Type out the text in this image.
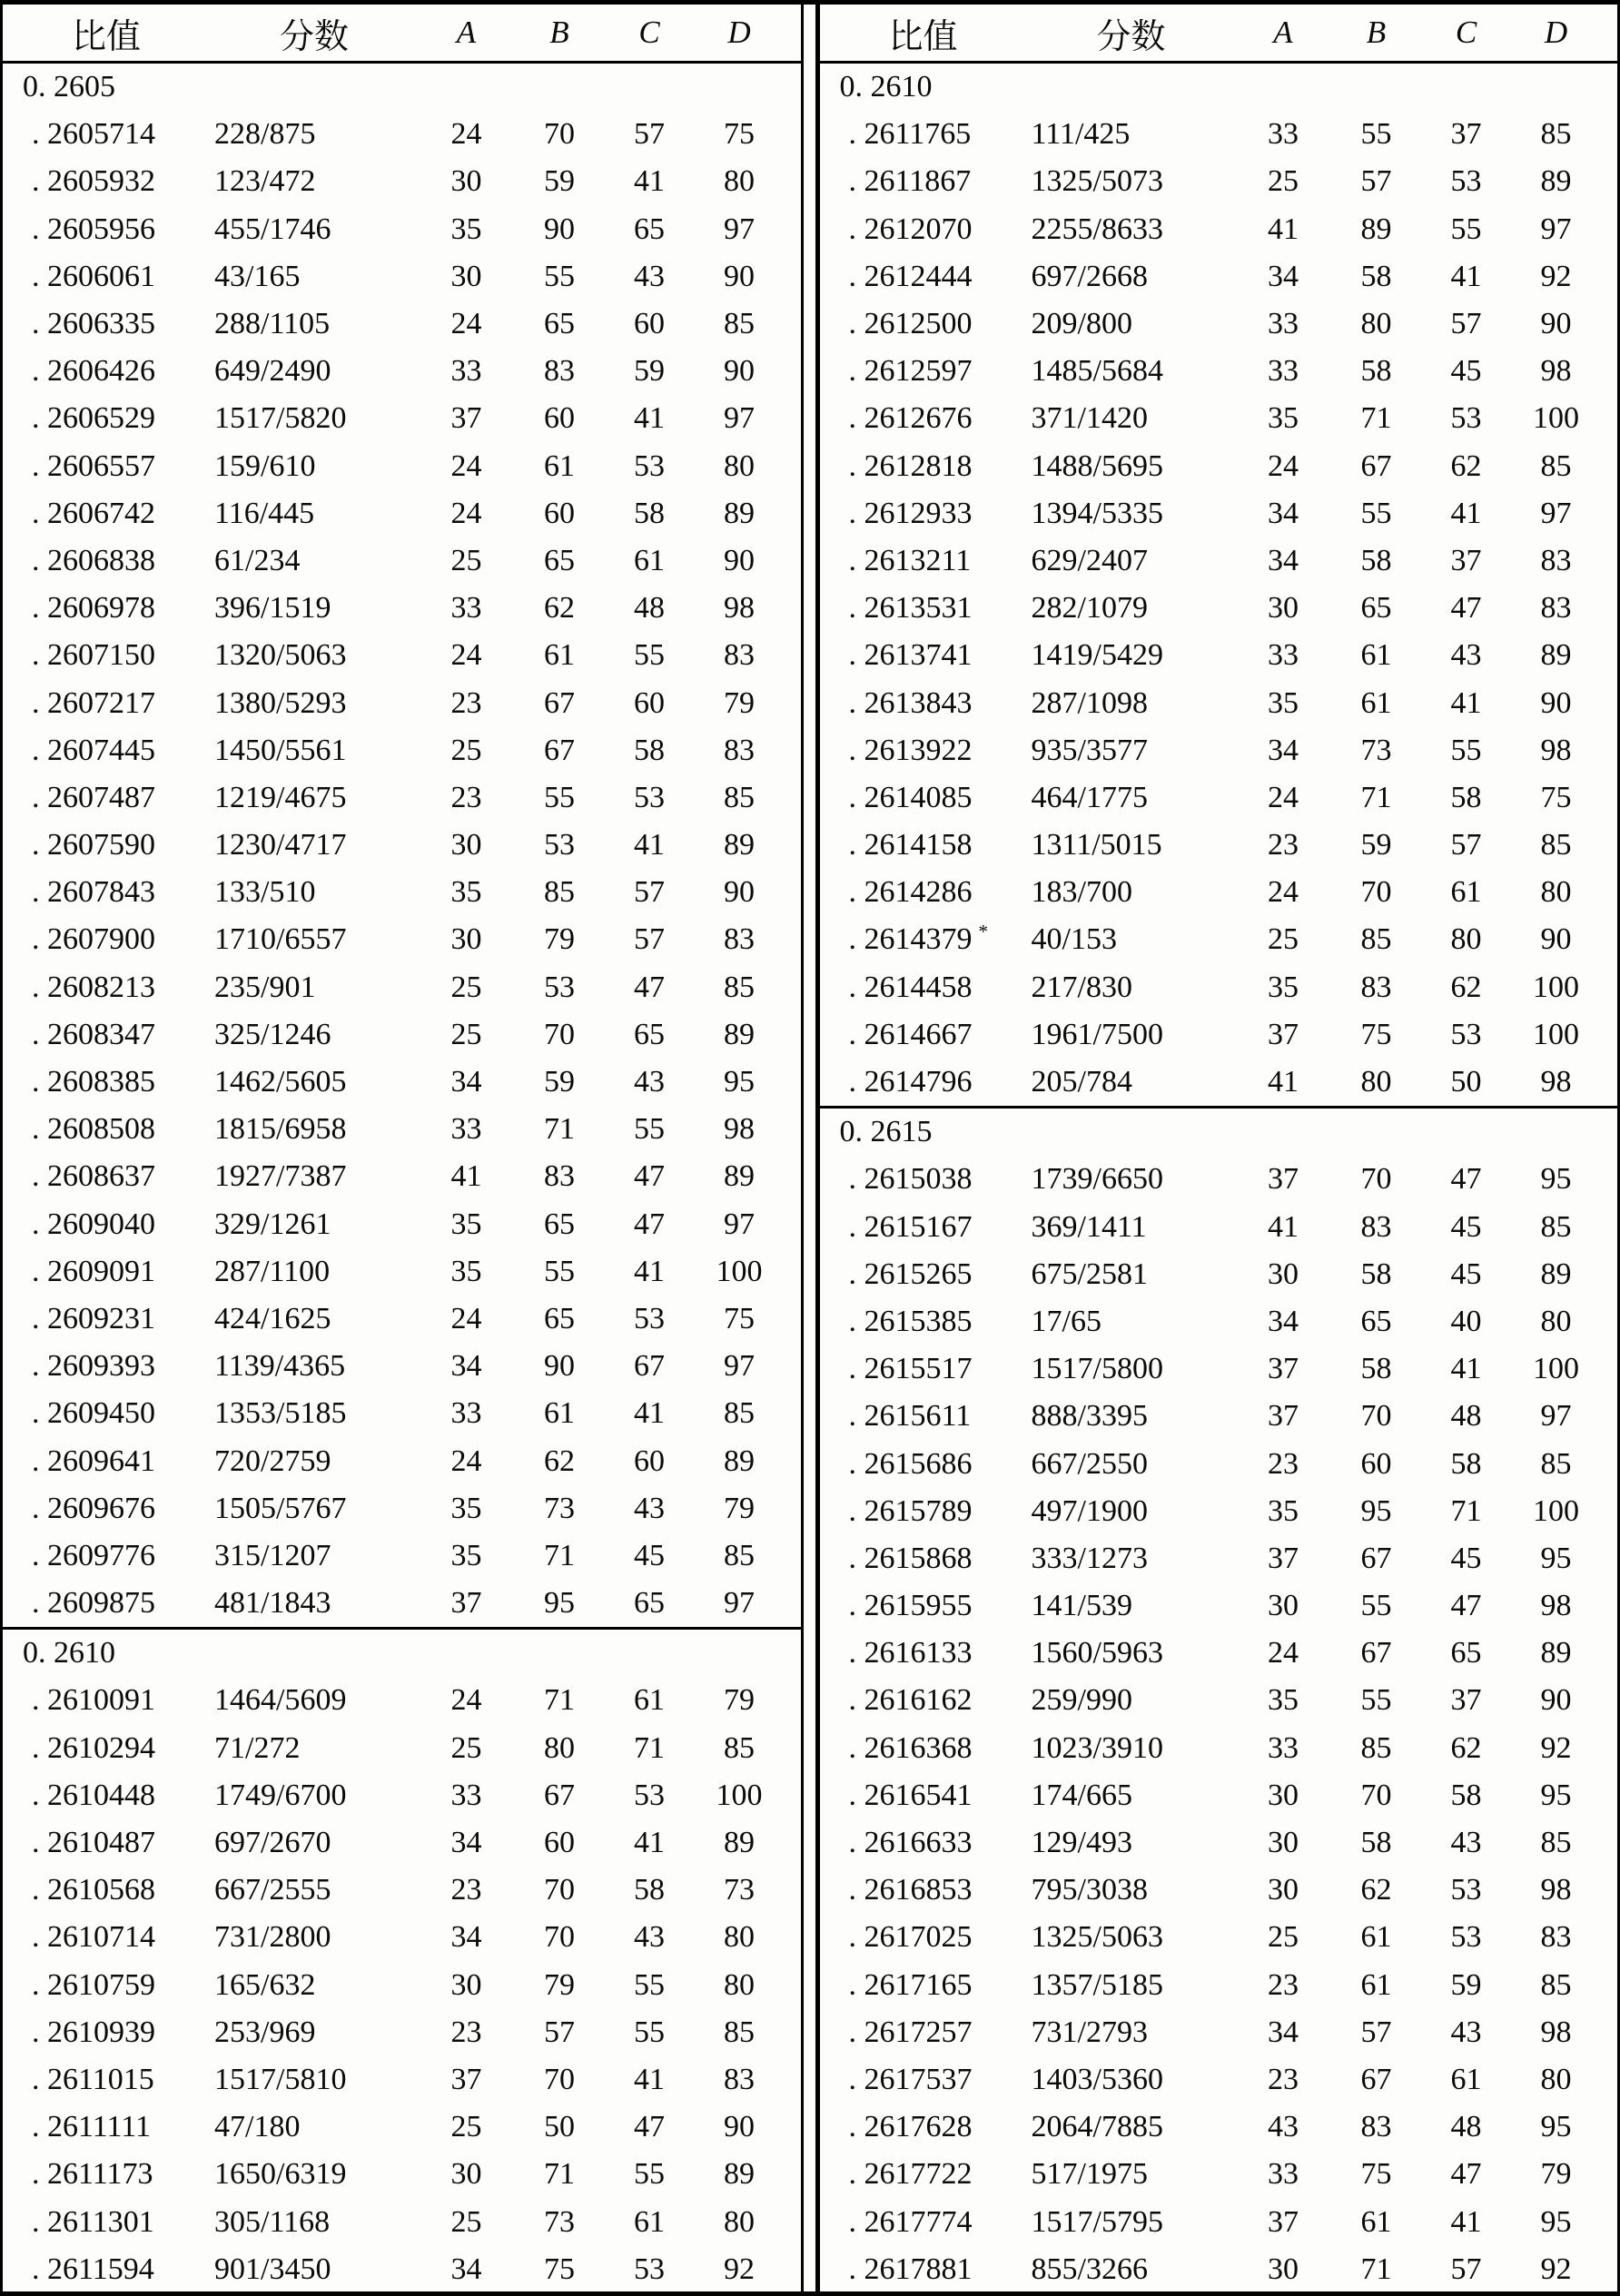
比值	分数	A	B	C	D
0. 2605
. 2605714	228/875	24	70	57	75
. 2605932	123/472	30	59	41	80
. 2605956	455/1746	35	90	65	97
. 2606061	43/165	30	55	43	90
. 2606335	288/1105	24	65	60	85
. 2606426	649/2490	33	83	59	90
. 2606529	1517/5820	37	60	41	97
. 2606557	159/610	24	61	53	80
. 2606742	116/445	24	60	58	89
. 2606838	61/234	25	65	61	90
. 2606978	396/1519	33	62	48	98
. 2607150	1320/5063	24	61	55	83
. 2607217	1380/5293	23	67	60	79
. 2607445	1450/5561	25	67	58	83
. 2607487	1219/4675	23	55	53	85
. 2607590	1230/4717	30	53	41	89
. 2607843	133/510	35	85	57	90
. 2607900	1710/6557	30	79	57	83
. 2608213	235/901	25	53	47	85
. 2608347	325/1246	25	70	65	89
. 2608385	1462/5605	34	59	43	95
. 2608508	1815/6958	33	71	55	98
. 2608637	1927/7387	41	83	47	89
. 2609040	329/1261	35	65	47	97
. 2609091	287/1100	35	55	41	100
. 2609231	424/1625	24	65	53	75
. 2609393	1139/4365	34	90	67	97
. 2609450	1353/5185	33	61	41	85
. 2609641	720/2759	24	62	60	89
. 2609676	1505/5767	35	73	43	79
. 2609776	315/1207	35	71	45	85
. 2609875	481/1843	37	95	65	97
0. 2610
. 2610091	1464/5609	24	71	61	79
. 2610294	71/272	25	80	71	85
. 2610448	1749/6700	33	67	53	100
. 2610487	697/2670	34	60	41	89
. 2610568	667/2555	23	70	58	73
. 2610714	731/2800	34	70	43	80
. 2610759	165/632	30	79	55	80
. 2610939	253/969	23	57	55	85
. 2611015	1517/5810	37	70	41	83
. 2611111	47/180	25	50	47	90
. 2611173	1650/6319	30	71	55	89
. 2611301	305/1168	25	73	61	80
. 2611594	901/3450	34	75	53	92
比值	分数	A	B	C	D
0. 2610
. 2611765	111/425	33	55	37	85
. 2611867	1325/5073	25	57	53	89
. 2612070	2255/8633	41	89	55	97
. 2612444	697/2668	34	58	41	92
. 2612500	209/800	33	80	57	90
. 2612597	1485/5684	33	58	45	98
. 2612676	371/1420	35	71	53	100
. 2612818	1488/5695	24	67	62	85
. 2612933	1394/5335	34	55	41	97
. 2613211	629/2407	34	58	37	83
. 2613531	282/1079	30	65	47	83
. 2613741	1419/5429	33	61	43	89
. 2613843	287/1098	35	61	41	90
. 2613922	935/3577	34	73	55	98
. 2614085	464/1775	24	71	58	75
. 2614158	1311/5015	23	59	57	85
. 2614286	183/700	24	70	61	80
. 2614379 *	40/153	25	85	80	90
. 2614458	217/830	35	83	62	100
. 2614667	1961/7500	37	75	53	100
. 2614796	205/784	41	80	50	98
0. 2615
. 2615038	1739/6650	37	70	47	95
. 2615167	369/1411	41	83	45	85
. 2615265	675/2581	30	58	45	89
. 2615385	17/65	34	65	40	80
. 2615517	1517/5800	37	58	41	100
. 2615611	888/3395	37	70	48	97
. 2615686	667/2550	23	60	58	85
. 2615789	497/1900	35	95	71	100
. 2615868	333/1273	37	67	45	95
. 2615955	141/539	30	55	47	98
. 2616133	1560/5963	24	67	65	89
. 2616162	259/990	35	55	37	90
. 2616368	1023/3910	33	85	62	92
. 2616541	174/665	30	70	58	95
. 2616633	129/493	30	58	43	85
. 2616853	795/3038	30	62	53	98
. 2617025	1325/5063	25	61	53	83
. 2617165	1357/5185	23	61	59	85
. 2617257	731/2793	34	57	43	98
. 2617537	1403/5360	23	67	61	80
. 2617628	2064/7885	43	83	48	95
. 2617722	517/1975	33	75	47	79
. 2617774	1517/5795	37	61	41	95
. 2617881	855/3266	30	71	57	92
